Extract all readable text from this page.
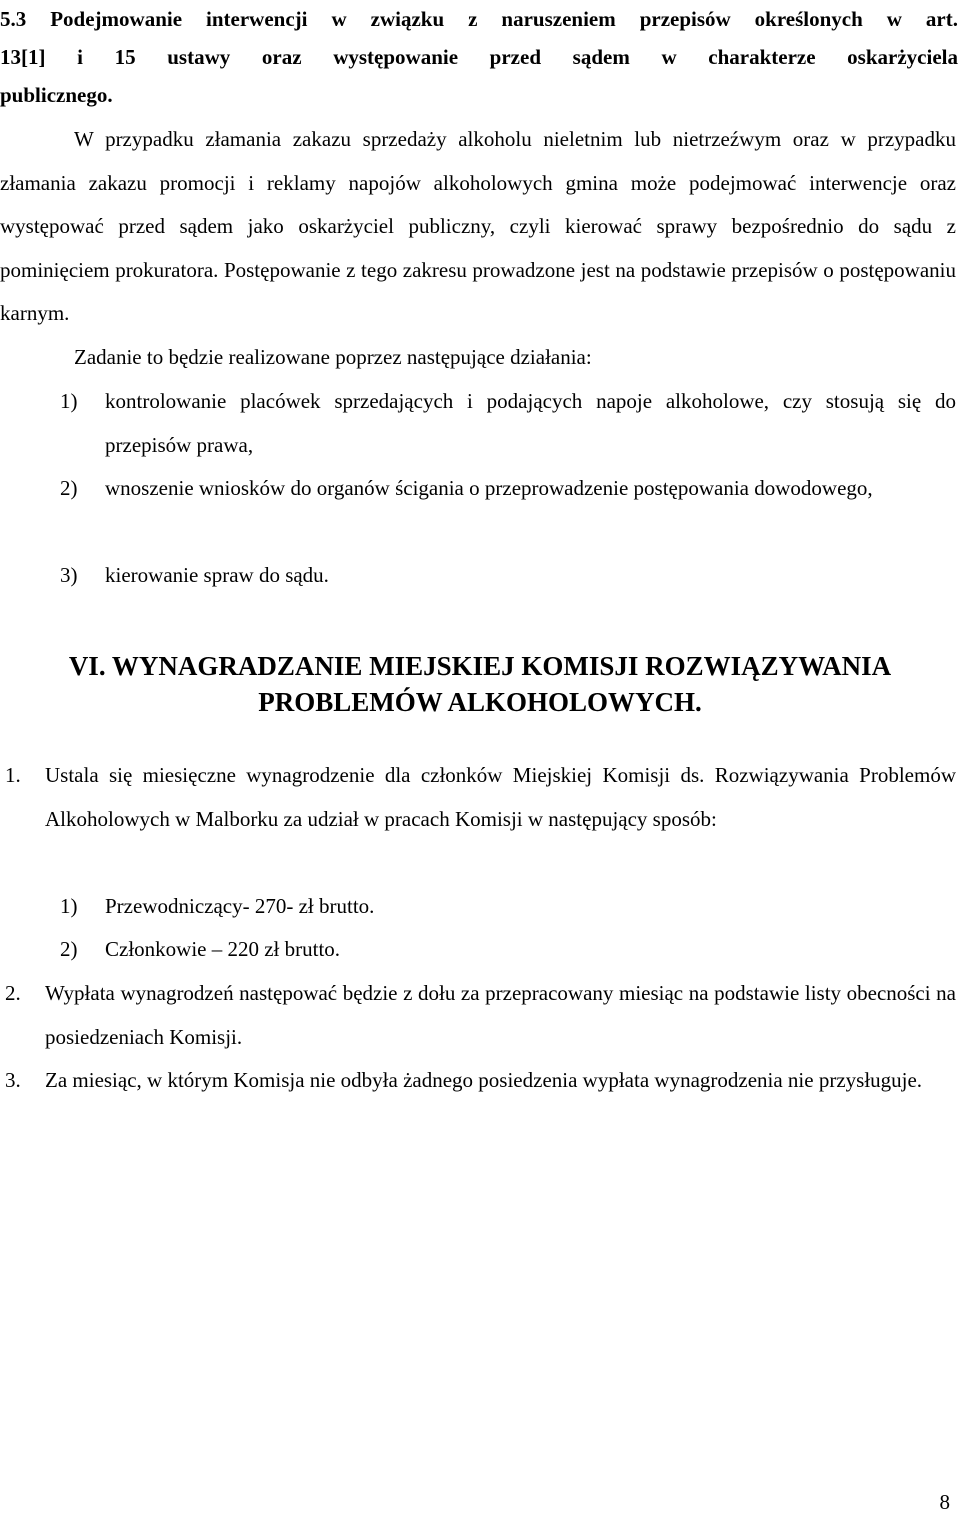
5.3 Podejmowanie interwencji w związku z naruszeniem przepisów określonych w art.
13[1] i 15 ustawy oraz występowanie przed sądem w charakterze oskarżyciela
publicznego.

W przypadku złamania zakazu sprzedaży alkoholu nieletnim lub nietrzeźwym oraz w przypadku złamania zakazu promocji i reklamy napojów alkoholowych gmina może podejmować interwencje oraz występować przed sądem jako oskarżyciel publiczny, czyli kierować sprawy bezpośrednio do sądu z pominięciem prokuratora. Postępowanie z tego zakresu prowadzone jest na podstawie przepisów o postępowaniu karnym.

Zadanie to będzie realizowane poprzez następujące działania:

1)	kontrolowanie placówek sprzedających i podających napoje alkoholowe, czy stosują się do przepisów prawa,
2)	wnoszenie wniosków do organów ścigania o przeprowadzenie postępowania dowodowego,
3)	kierowanie spraw do sądu.
VI. WYNAGRADZANIE MIEJSKIEJ KOMISJI ROZWIĄZYWANIA
PROBLEMÓW ALKOHOLOWYCH.
1.	Ustala się miesięczne wynagrodzenie dla członków Miejskiej Komisji ds. Rozwiązywania Problemów Alkoholowych w Malborku za udział w pracach Komisji w następujący sposób:
1)	Przewodniczący- 270- zł brutto.
2)	Członkowie – 220 zł brutto.
2.	Wypłata wynagrodzeń następować będzie z dołu za przepracowany miesiąc na podstawie listy obecności na posiedzeniach Komisji.
3.	Za miesiąc, w którym Komisja nie odbyła żadnego posiedzenia wypłata wynagrodzenia nie przysługuje.
8
